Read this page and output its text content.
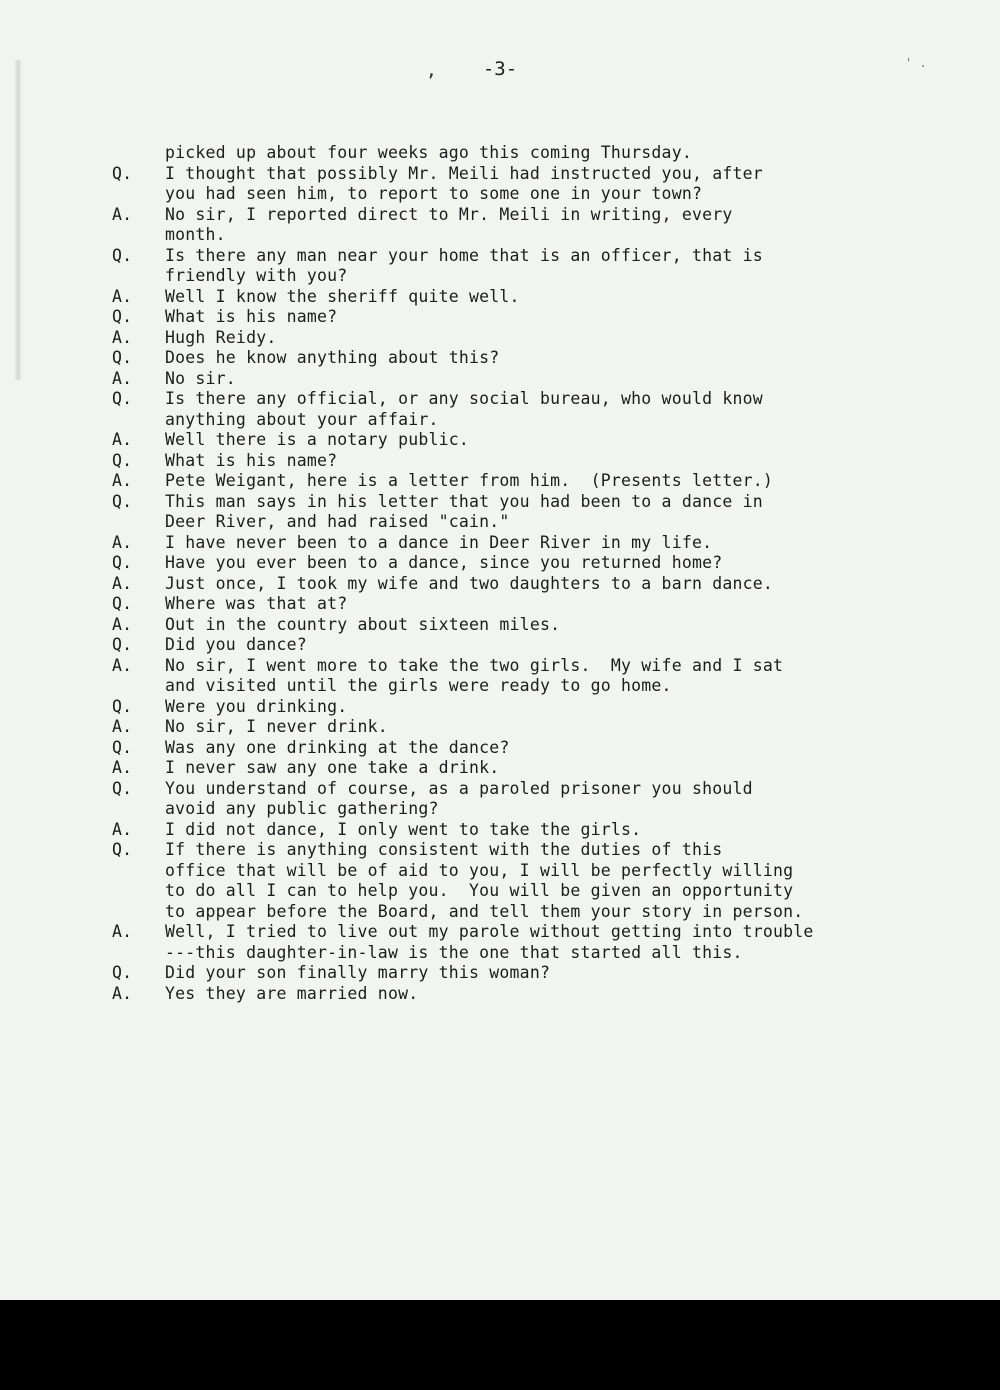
,	-3-	' .
picked up about four weeks ago this coming Thursday.
Q.	I thought that possibly Mr. Meili had instructed you, after
you had seen him, to report to some one in your town?
A.	No sir, I reported direct to Mr. Meili in writing, every
month.
Q.	Is there any man near your home that is an officer, that is
friendly with you?
A.	Well I know the sheriff quite well.
Q.	What is his name?
A.	Hugh Reidy.
Q.	Does he know anything about this?
A.	No sir.
Q.	Is there any official, or any social bureau, who would know
anything about your affair.
A.	Well there is a notary public.
Q.	What is his name?
A.	Pete Weigant, here is a letter from him.  (Presents letter.)
Q.	This man says in his letter that you had been to a dance in
Deer River, and had raised "cain."
A.	I have never been to a dance in Deer River in my life.
Q.	Have you ever been to a dance, since you returned home?
A.	Just once, I took my wife and two daughters to a barn dance.
Q.	Where was that at?
A.	Out in the country about sixteen miles.
Q.	Did you dance?
A.	No sir, I went more to take the two girls.  My wife and I sat
and visited until the girls were ready to go home.
Q.	Were you drinking.
A.	No sir, I never drink.
Q.	Was any one drinking at the dance?
A.	I never saw any one take a drink.
Q.	You understand of course, as a paroled prisoner you should
avoid any public gathering?
A.	I did not dance, I only went to take the girls.
Q.	If there is anything consistent with the duties of this
office that will be of aid to you, I will be perfectly willing
to do all I can to help you.  You will be given an opportunity
to appear before the Board, and tell them your story in person.
A.	Well, I tried to live out my parole without getting into trouble
---this daughter-in-law is the one that started all this.
Q.	Did your son finally marry this woman?
A.	Yes they are married now.
